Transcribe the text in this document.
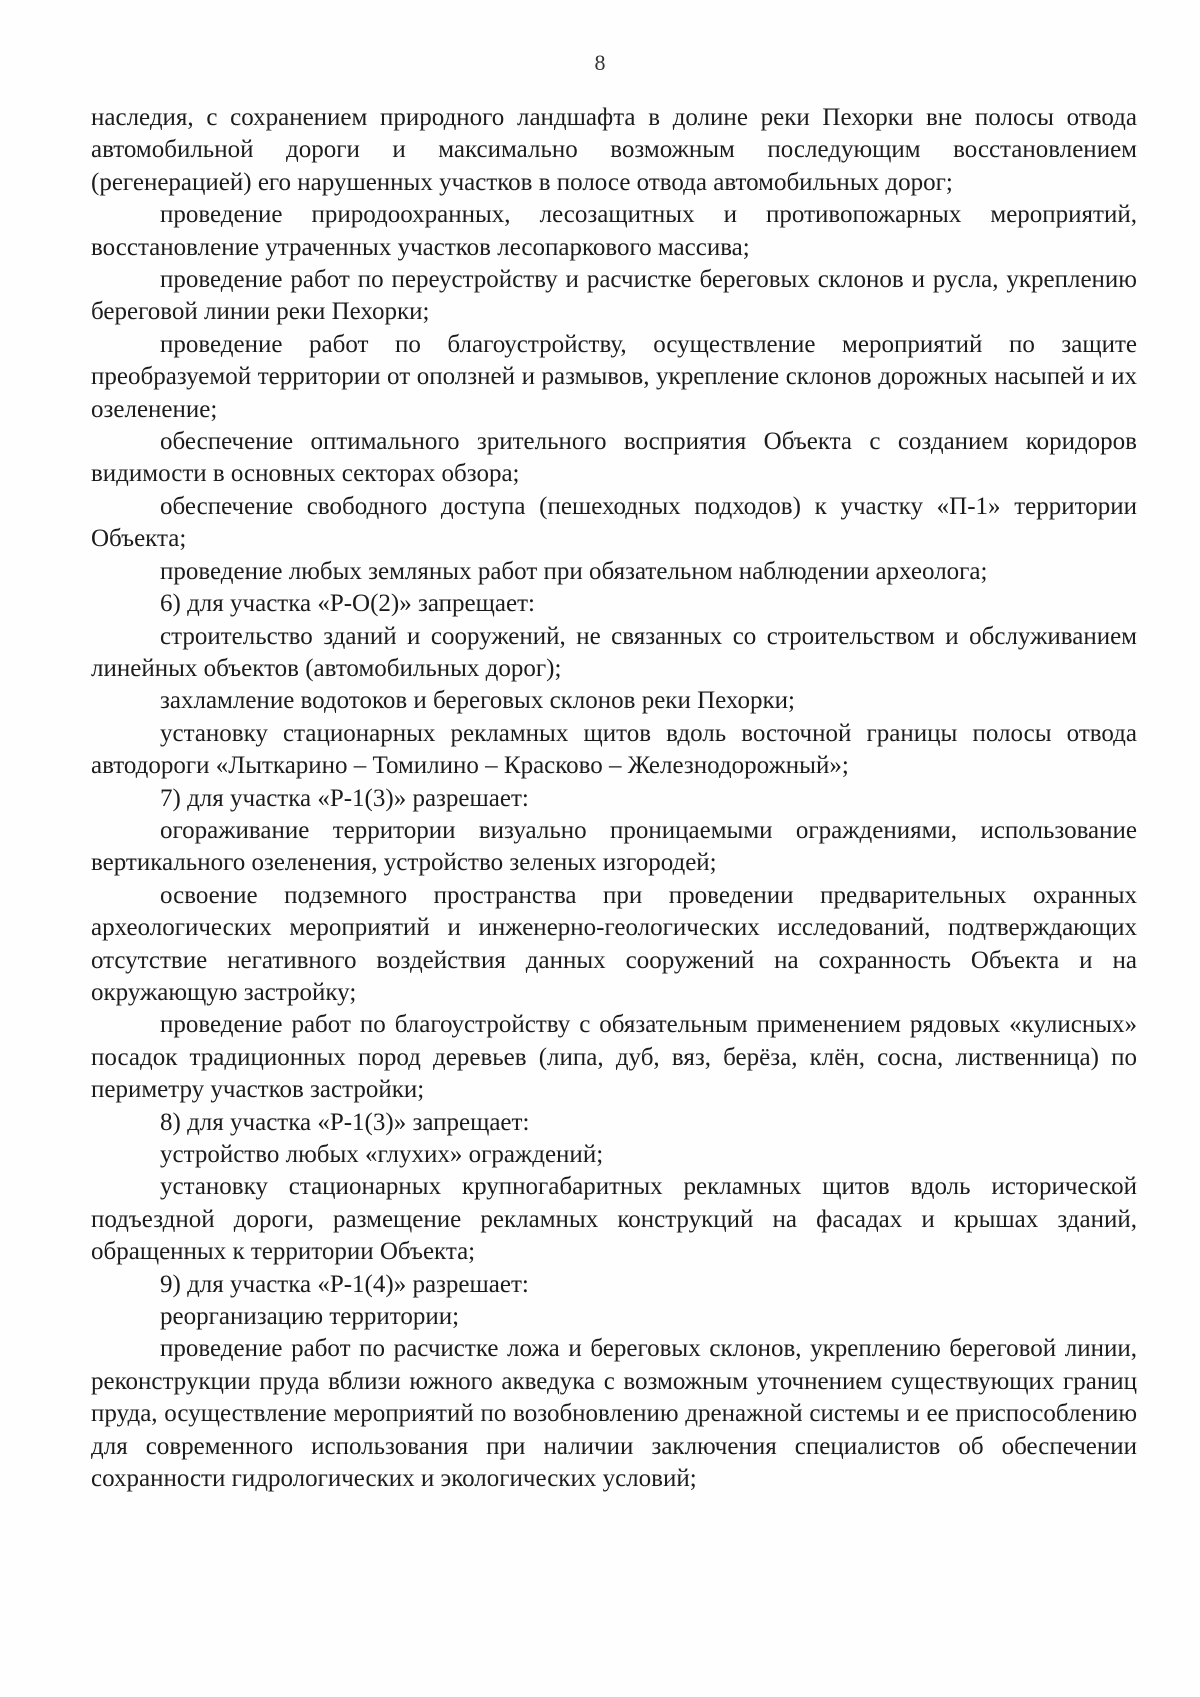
8

наследия, с сохранением природного ландшафта в долине реки Пехорки вне полосы отвода автомобильной дороги и максимально возможным последующим восстановлением (регенерацией) его нарушенных участков в полосе отвода автомобильных дорог;

проведение природоохранных, лесозащитных и противопожарных мероприятий, восстановление утраченных участков лесопаркового массива;

проведение работ по переустройству и расчистке береговых склонов и русла, укреплению береговой линии реки Пехорки;

проведение работ по благоустройству, осуществление мероприятий по защите преобразуемой территории от оползней и размывов, укрепление склонов дорожных насыпей и их озеленение;

обеспечение оптимального зрительного восприятия Объекта с созданием коридоров видимости в основных секторах обзора;

обеспечение свободного доступа (пешеходных подходов) к участку «П-1» территории Объекта;

проведение любых земляных работ при обязательном наблюдении археолога;

6) для участка «Р-О(2)» запрещает:

строительство зданий и сооружений, не связанных со строительством и обслуживанием линейных объектов (автомобильных дорог);

захламление водотоков и береговых склонов реки Пехорки;

установку стационарных рекламных щитов вдоль восточной границы полосы отвода автодороги «Лыткарино – Томилино – Красково – Железнодорожный»;

7) для участка «Р-1(3)» разрешает:

огораживание территории визуально проницаемыми ограждениями, использование вертикального озеленения, устройство зеленых изгородей;

освоение подземного пространства при проведении предварительных охранных археологических мероприятий и инженерно-геологических исследований, подтверждающих отсутствие негативного воздействия данных сооружений на сохранность Объекта и на окружающую застройку;

проведение работ по благоустройству с обязательным применением рядовых «кулисных» посадок традиционных пород деревьев (липа, дуб, вяз, берёза, клён, сосна, лиственница) по периметру участков застройки;

8) для участка «Р-1(3)» запрещает:

устройство любых «глухих» ограждений;

установку стационарных крупногабаритных рекламных щитов вдоль исторической подъездной дороги, размещение рекламных конструкций на фасадах и крышах зданий, обращенных к территории Объекта;

9) для участка «Р-1(4)» разрешает:

реорганизацию территории;

проведение работ по расчистке ложа и береговых склонов, укреплению береговой линии, реконструкции пруда вблизи южного акведука с возможным уточнением существующих границ пруда, осуществление мероприятий по возобновлению дренажной системы и ее приспособлению для современного использования при наличии заключения специалистов об обеспечении сохранности гидрологических и экологических условий;
